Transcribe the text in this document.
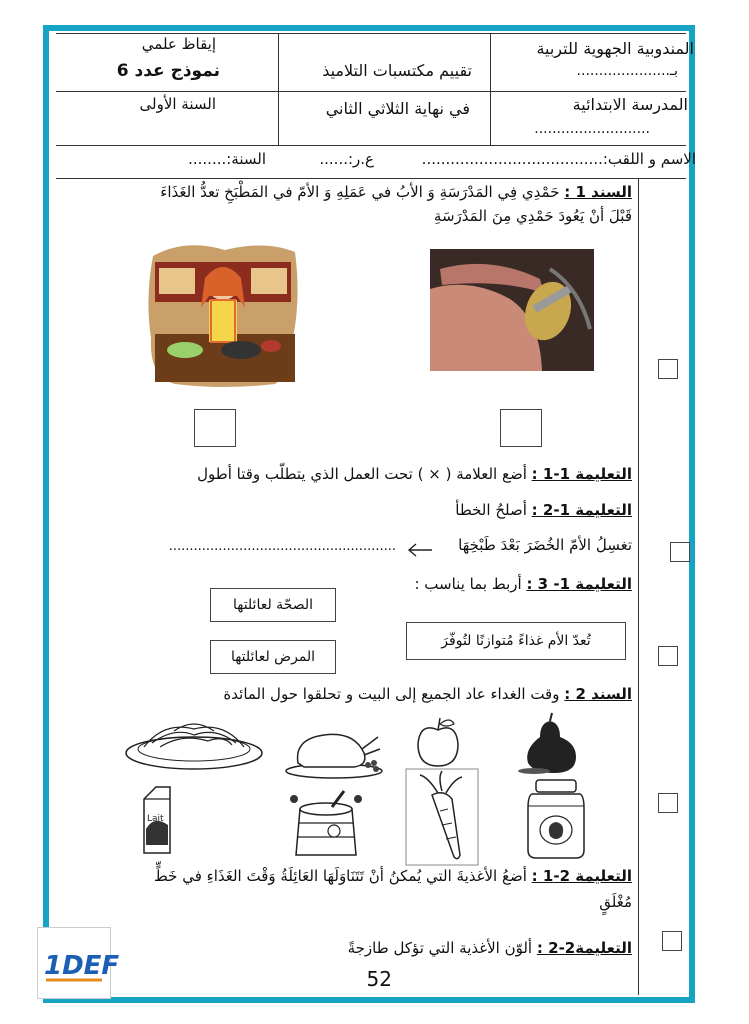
المندوبية الجهوية للتربية
بـ.....................
المدرسة الابتدائية
..........................
تقييم مكتسبات التلاميذ
في نهاية الثلاثي الثاني
إيقاظ علمي
نموذج عدد 6
السنة الأولى
الاسم و اللقب:......................................
ع.ر:......
السنة:........
السند 1 : حَمْدِي فِي المَدْرَسَةِ وَ الأبُ في عَمَلِهِ وَ الأمّ في المَطْبَخِ تعدُّ الغَذَاءَ
قَبْلَ أنْ يَعُودَ حَمْدِي مِنَ المَدْرَسَةِ
التعليمة 1-1 : أضع العلامة ( × ) تحت العمل الذي يتطلّب وقتا أطول
التعليمة 1-2 : أصلحُ الخطأ
تغسِلُ الأمّ الخُضَرَ بَعْدَ طَبْخِهَا
.......................................................
التعليمة 1- 3 : أربط بما يناسب :
الصحّة لعائلتها
المرض لعائلتها
تُعدّ الأم غذاءً مُتوازنًا لتُوفّرَ
السند 2 : وقت الغداء عاد الجميع إلى البيت و تحلقوا حول المائدة
Lait
التعليمة 2-1 : أضعُ الأغذيةَ التي يُمكنُ أنْ تَتَنَاوَلَهَا العَائِلَةُ وَقْتَ الغَذَاءِ في خَطٍّ
مُغْلَقٍ
التعليمة2-2 : ألوّن الأغذية التي تؤكل طازجةً
52
1DEF
